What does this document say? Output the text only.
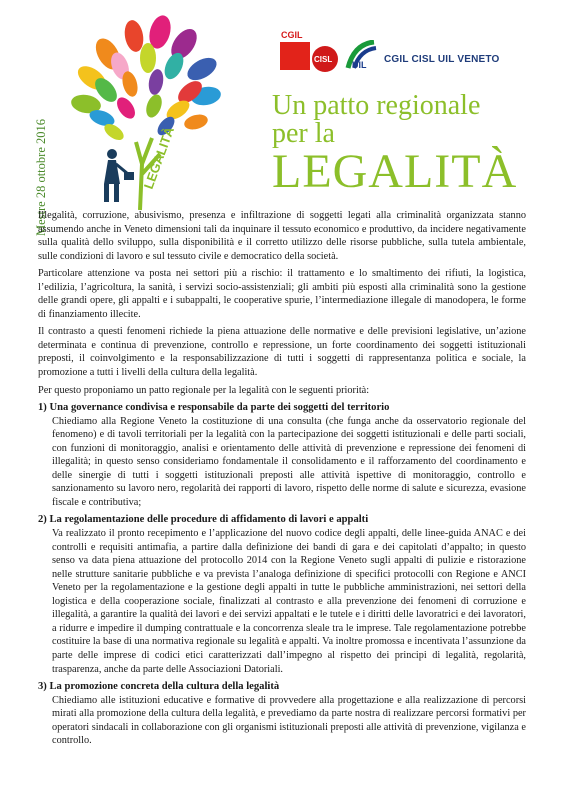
Mestre 28 ottobre 2016	LEGALITÀ
CGIL
CISL
UIL CGIL CISL UIL VENETO
Un patto regionale
per la
LEGALITÀ

Illegalità, corruzione, abusivismo, presenza e infiltrazione di soggetti legati alla criminalità organizzata stanno assumendo anche in Veneto dimensioni tali da inquinare il tessuto economico e produttivo, da incidere negativamente sulla qualità dello sviluppo, sulla disponibilità e il corretto utilizzo delle risorse pubbliche, sulla tutela ambientale, sulle condizioni di lavoro e sul tessuto civile e democratico della società.

Particolare attenzione va posta nei settori più a rischio: il trattamento e lo smaltimento dei rifiuti, la logistica, l’edilizia, l’agricoltura, la sanità, i servizi socio-assistenziali; gli ambiti più esposti alla criminalità sono la gestione delle grandi opere, gli appalti e i subappalti, le cooperative spurie, l’intermediazione illegale di manodopera, le forme di finanziamento illecite.

Il contrasto a questi fenomeni richiede la piena attuazione delle normative e delle previsioni legislative, un’azione determinata e continua di prevenzione, controllo e repressione, un forte coordinamento dei soggetti istituzionali preposti, il coinvolgimento e la responsabilizzazione di tutti i soggetti di rappresentanza politica e sociale, la promozione a tutti i livelli della cultura della legalità.

Per questo proponiamo un patto regionale per la legalità con le seguenti priorità:

1) Una governance condivisa e responsabile da parte dei soggetti del territorio

Chiediamo alla Regione Veneto la costituzione di una consulta (che funga anche da osservatorio regionale del fenomeno) e di tavoli territoriali per la legalità con la partecipazione dei soggetti istituzionali e delle parti sociali, con funzioni di monitoraggio, analisi e orientamento delle attività di prevenzione e repressione dei fenomeni di illegalità; in questo senso consideriamo fondamentale il consolidamento e il rafforzamento del coordinamento e delle sinergie di tutti i soggetti istituzionali preposti alle attività ispettive di monitoraggio, controllo e sanzionamento su lavoro nero, regolarità dei rapporti di lavoro, rispetto delle norme di salute e sicurezza, evasione fiscale e contributiva;

2) La regolamentazione delle procedure di affidamento di lavori e appalti

Va realizzato il pronto recepimento e l’applicazione del nuovo codice degli appalti, delle linee-guida ANAC e dei controlli e requisiti antimafia, a partire dalla definizione dei bandi di gara e dei capitolati d’appalto; in questo senso va data piena attuazione del protocollo 2014 con la Regione Veneto sugli appalti di pulizie e ristorazione nelle strutture sanitarie pubbliche e va prevista l’analoga definizione di specifici protocolli con Regione e ANCI Veneto per la regolamentazione e la gestione degli appalti in tutte le pubbliche amministrazioni, nei settori della logistica e della cooperazione sociale, finalizzati al contrasto e alla prevenzione dei fenomeni di corruzione e illegalità, a garantire la qualità dei lavori e dei servizi appaltati e le tutele e i diritti delle lavoratrici e dei lavoratori, a ridurre e impedire il dumping contrattuale e la concorrenza sleale tra le imprese. Tale regolamentazione potrebbe costituire la base di una normativa regionale su legalità e appalti. Va inoltre promossa e incentivata l’assunzione da parte delle imprese di codici etici caratterizzati dall’impegno al rispetto dei principi di legalità, regolarità, trasparenza, anche da parte delle Associazioni Datoriali.

3) La promozione concreta della cultura della legalità

Chiediamo alle istituzioni educative e formative di provvedere alla progettazione e alla realizzazione di percorsi mirati alla promozione della cultura della legalità, e prevediamo da parte nostra di realizzare percorsi formativi per operatori sindacali in collaborazione con gli organismi istituzionali preposti alle attività di prevenzione, vigilanza e controllo.
